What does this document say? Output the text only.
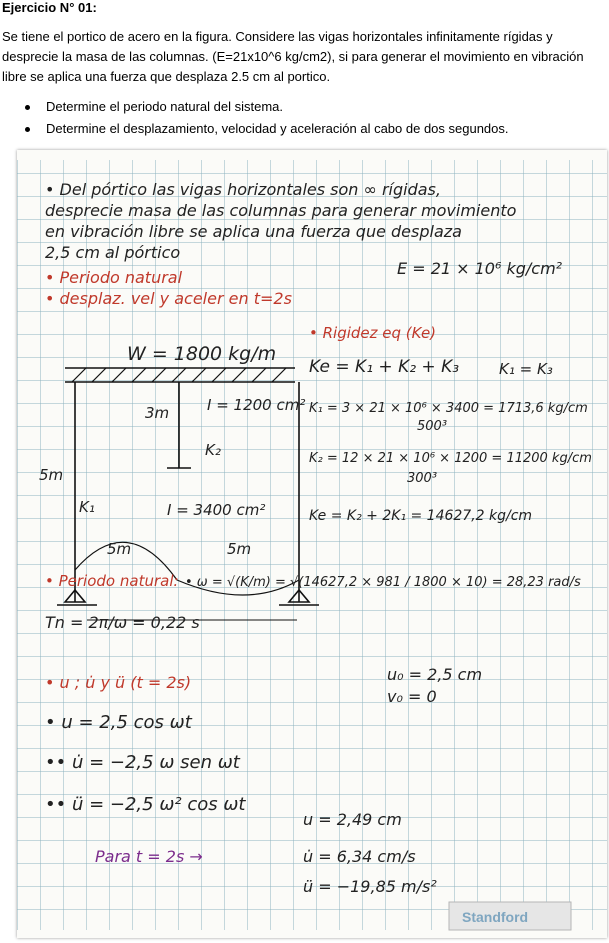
Ejercicio N° 01:
Se tiene el portico de acero en la figura. Considere las vigas horizontales infinitamente rígidas y
desprecie la masa de las columnas. (E=21x10^6 kg/cm2), si para generar el movimiento en vibración
libre se aplica una fuerza que desplaza 2.5 cm al portico.
Determine el periodo natural del sistema.
Determine el desplazamiento, velocidad y aceleración al cabo de dos segundos.
• Del pórtico las vigas horizontales son ∞ rígidas,
desprecie masa de las columnas para generar movimiento
en vibración libre se aplica una fuerza que desplaza
2,5 cm al pórtico
E = 21 × 10⁶ kg/cm²
• Periodo natural
• desplaz. vel y aceler en t=2s
W = 1800 kg/m
I = 1200 cm²
3m
5m
K₂
K₁	I = 3400 cm²
5m	5m
• Rigidez eq (Ke)
Ke = K₁ + K₂ + K₃	K₁ = K₃
K₁ = 3 × 21 × 10⁶ × 3400 = 1713,6 kg/cm
500³
K₂ = 12 × 21 × 10⁶ × 1200 = 11200 kg/cm
300³
Ke = K₂ + 2K₁ = 14627,2 kg/cm
• Periodo natural: • ω = √(K/m) = √(14627,2 × 981 / 1800 × 10) = 28,23 rad/s
Tn = 2π/ω = 0,22 s
• u ; u̇ y ü (t = 2s)	u₀ = 2,5 cm
v₀ = 0
• u = 2,5 cos ωt
•• u̇ = −2,5 ω sen ωt
•• ü = −2,5 ω² cos ωt
u = 2,49 cm
Para t = 2s →	u̇ = 6,34 cm/s
ü = −19,85 m/s²
Standford
